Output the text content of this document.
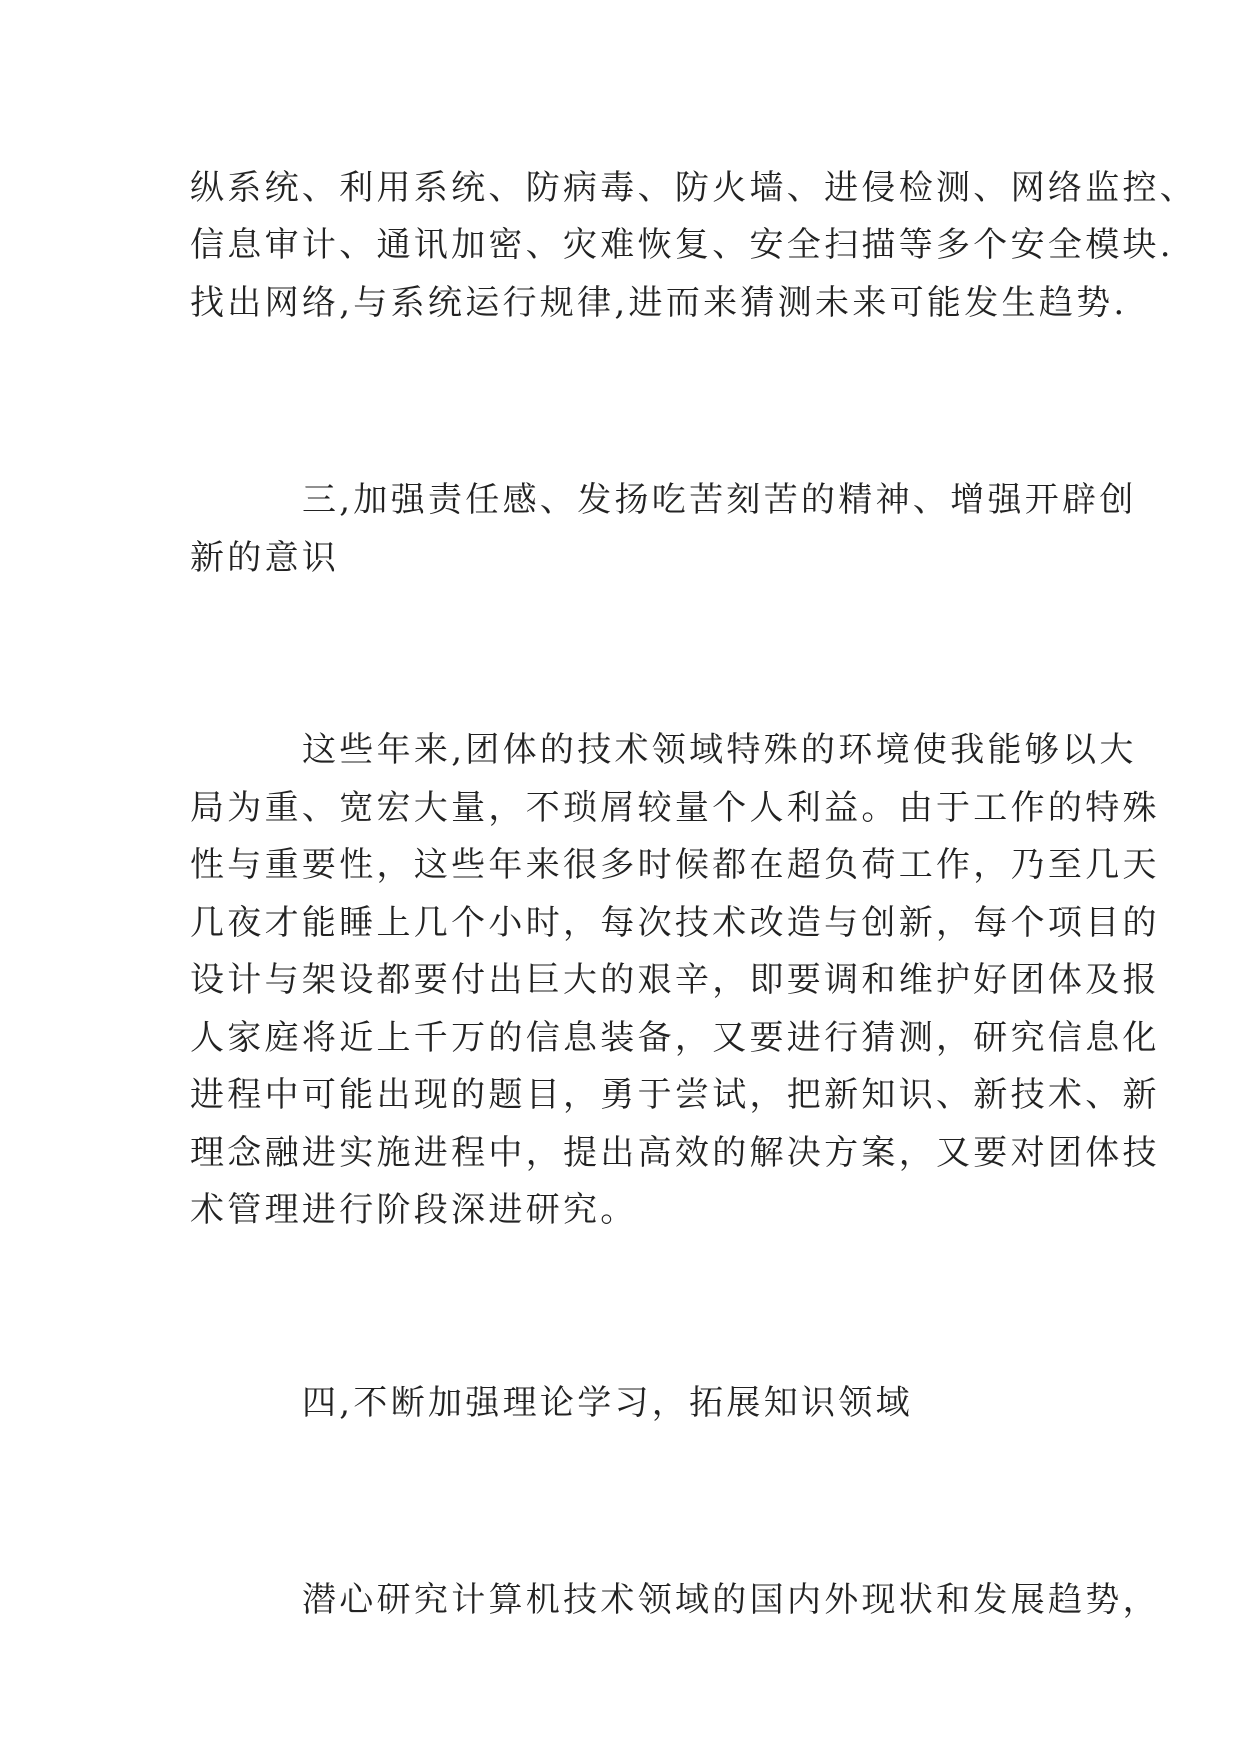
纵系统、利用系统、防病毒、防火墙、进侵检测、网络监控、
信息审计、通讯加密、灾难恢复、安全扫描等多个安全模块.
找出网络,与系统运行规律,进而来猜测未来可能发生趋势.
三,加强责任感、发扬吃苦刻苦的精神、增强开辟创
新的意识
这些年来,团体的技术领域特殊的环境使我能够以大
局为重、宽宏大量，不琐屑较量个人利益。由于工作的特殊
性与重要性，这些年来很多时候都在超负荷工作，乃至几天
几夜才能睡上几个小时，每次技术改造与创新，每个项目的
设计与架设都要付出巨大的艰辛，即要调和维护好团体及报
人家庭将近上千万的信息装备，又要进行猜测，研究信息化
进程中可能出现的题目，勇于尝试，把新知识、新技术、新
理念融进实施进程中，提出高效的解决方案，又要对团体技
术管理进行阶段深进研究。
四,不断加强理论学习，拓展知识领域
潜心研究计算机技术领域的国内外现状和发展趋势，
